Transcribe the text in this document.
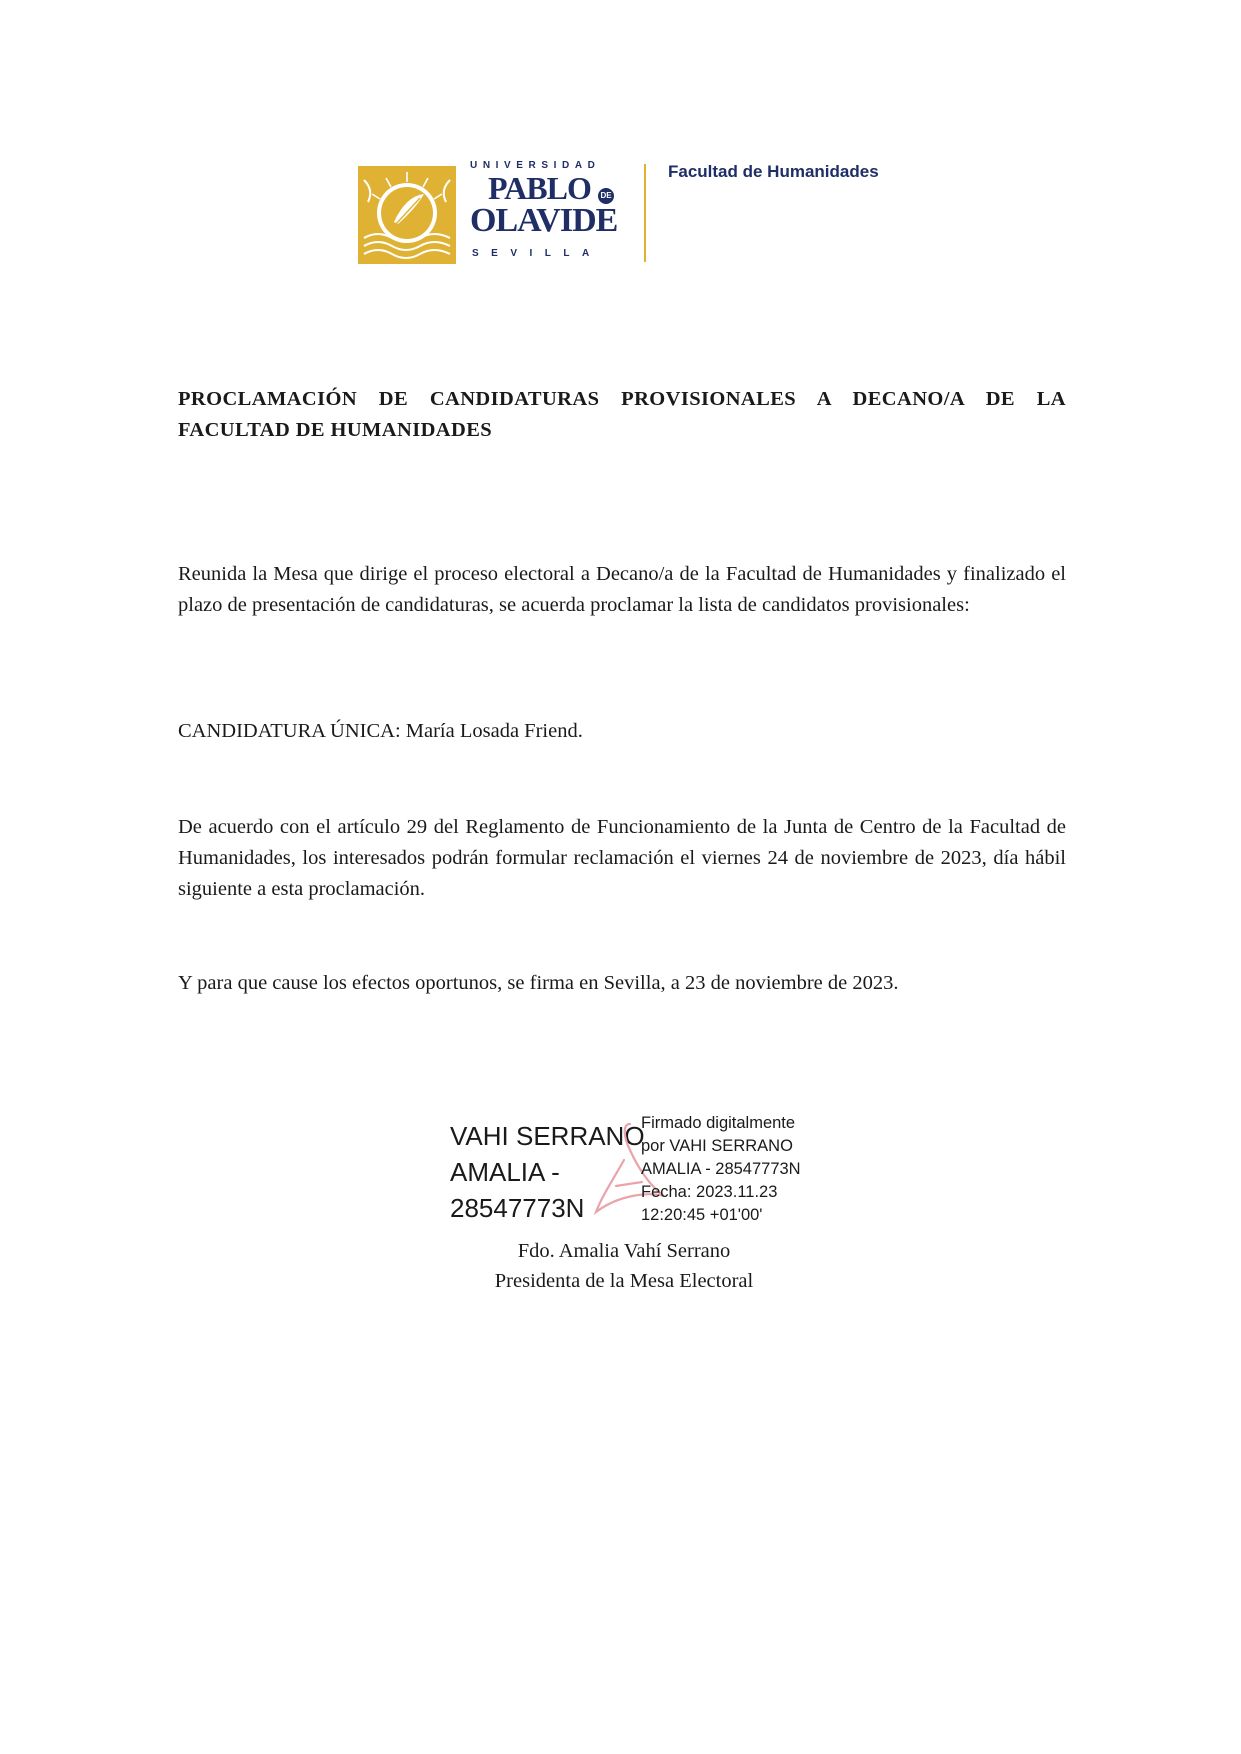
UNIVERSIDAD
PABLO	DE
OLAVIDE
SEVILLA
Facultad de Humanidades
PROCLAMACIÓN DE CANDIDATURAS PROVISIONALES A DECANO/A DE LA FACULTAD DE HUMANIDADES
Reunida la Mesa que dirige el proceso electoral a Decano/a de la Facultad de Humanidades y finalizado el plazo de presentación de candidaturas, se acuerda proclamar la lista de candidatos provisionales:
CANDIDATURA ÚNICA: María Losada Friend.
De acuerdo con el artículo 29 del Reglamento de Funcionamiento de la Junta de Centro de la Facultad de Humanidades, los interesados podrán formular reclamación el viernes 24 de noviembre de 2023, día hábil siguiente a esta proclamación.
Y para que cause los efectos oportunos, se firma en Sevilla, a 23 de noviembre de 2023.
VAHI SERRANO
AMALIA -
28547773N
Firmado digitalmente
por VAHI SERRANO
AMALIA - 28547773N
Fecha: 2023.11.23
12:20:45 +01'00'
Fdo. Amalia Vahí Serrano
Presidenta de la Mesa Electoral
